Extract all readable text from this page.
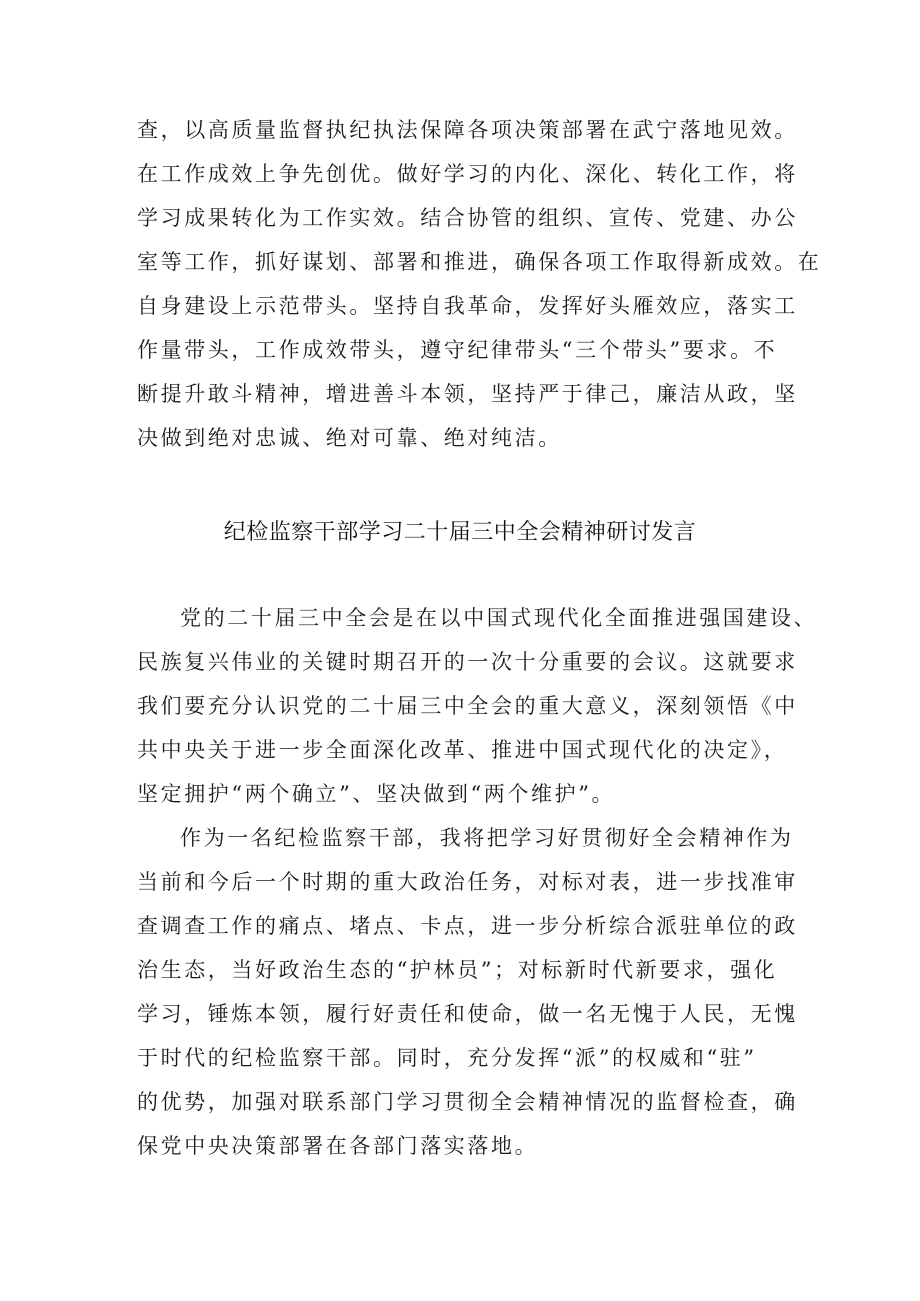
查，以高质量监督执纪执法保障各项决策部署在武宁落地见效。
在工作成效上争先创优。做好学习的内化、深化、转化工作，将
学习成果转化为工作实效。结合协管的组织、宣传、党建、办公
室等工作，抓好谋划、部署和推进，确保各项工作取得新成效。在
自身建设上示范带头。坚持自我革命，发挥好头雁效应，落实工
作量带头，工作成效带头，遵守纪律带头“三个带头”要求。不
断提升敢斗精神，增进善斗本领，坚持严于律己，廉洁从政，坚
决做到绝对忠诚、绝对可靠、绝对纯洁。
纪检监察干部学习二十届三中全会精神研讨发言
党的二十届三中全会是在以中国式现代化全面推进强国建设、
民族复兴伟业的关键时期召开的一次十分重要的会议。这就要求
我们要充分认识党的二十届三中全会的重大意义，深刻领悟《中
共中央关于进一步全面深化改革、推进中国式现代化的决定》，
坚定拥护“两个确立”、坚决做到“两个维护”。
作为一名纪检监察干部，我将把学习好贯彻好全会精神作为
当前和今后一个时期的重大政治任务，对标对表，进一步找准审
查调查工作的痛点、堵点、卡点，进一步分析综合派驻单位的政
治生态，当好政治生态的“护林员”；对标新时代新要求，强化
学习，锤炼本领，履行好责任和使命，做一名无愧于人民，无愧
于时代的纪检监察干部。同时，充分发挥“派”的权威和“驻”
的优势，加强对联系部门学习贯彻全会精神情况的监督检查，确
保党中央决策部署在各部门落实落地。
